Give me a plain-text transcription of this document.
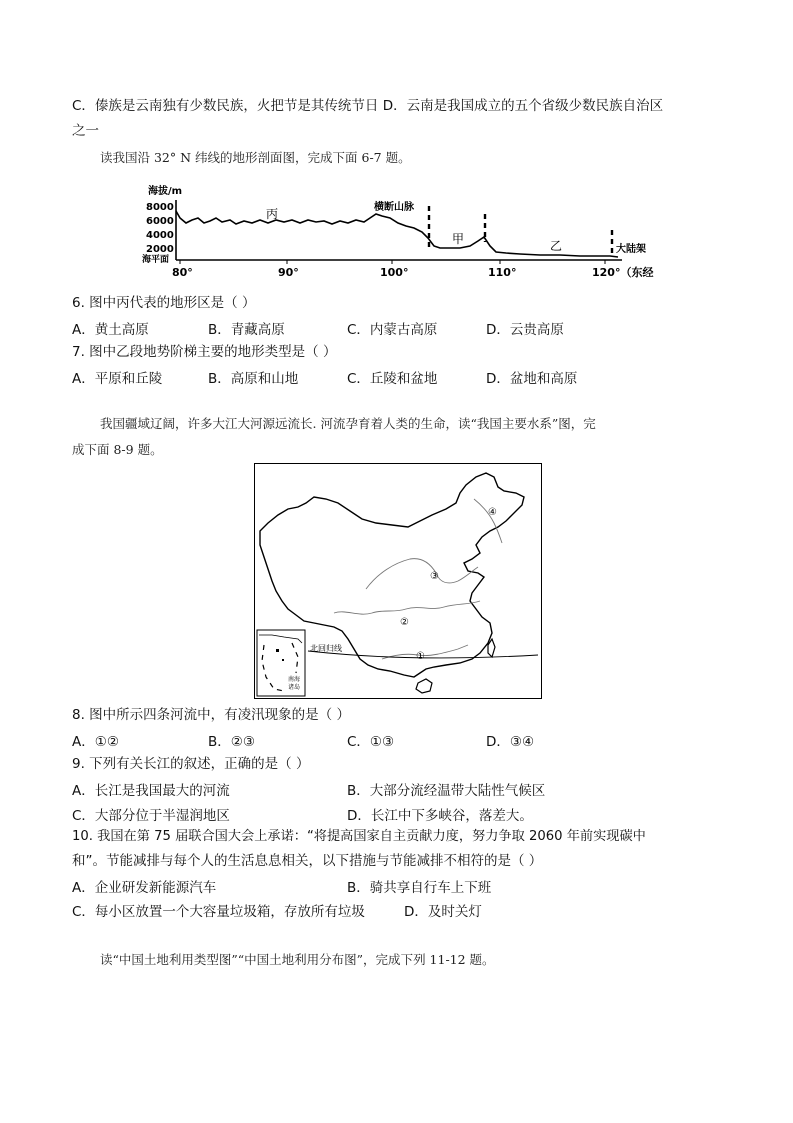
C．傣族是云南独有少数民族，火把节是其传统节日 D．云南是我国成立的五个省级少数民族自治区
之一
读我国沿 32° N 纬线的地形剖面图，完成下面 6-7 题。
海拔/m
8000
6000
4000
2000
海平面
丙	横断山脉
甲	乙	大陆架
80°	90°	100°	110°	120°（东经
6. 图中丙代表的地形区是（ ）
A．黄土高原	B．青藏高原	C．内蒙古高原	D．云贵高原
7. 图中乙段地势阶梯主要的地形类型是（ ）
A．平原和丘陵	B．高原和山地	C．丘陵和盆地	D．盆地和高原
我国疆域辽阔，许多大江大河源远流长. 河流孕育着人类的生命，读“我国主要水系”图，完
成下面 8-9 题。
①
②
③
④
北回归线
南海
诸岛
8. 图中所示四条河流中，有凌汛现象的是（ ）
A．①②	B．②③	C．①③	D．③④
9. 下列有关长江的叙述，正确的是（ ）
A．长江是我国最大的河流	B．大部分流经温带大陆性气候区
C．大部分位于半湿润地区	D．长江中下多峡谷，落差大。
10. 我国在第 75 届联合国大会上承诺：“将提高国家自主贡献力度，努力争取 2060 年前实现碳中
和”。节能减排与每个人的生活息息相关，以下措施与节能减排不相符的是（ ）
A．企业研发新能源汽车	B．骑共享自行车上下班
C．每小区放置一个大容量垃圾箱，存放所有垃圾	D．及时关灯
读“中国土地利用类型图”“中国土地利用分布图”，完成下列 11-12 题。
